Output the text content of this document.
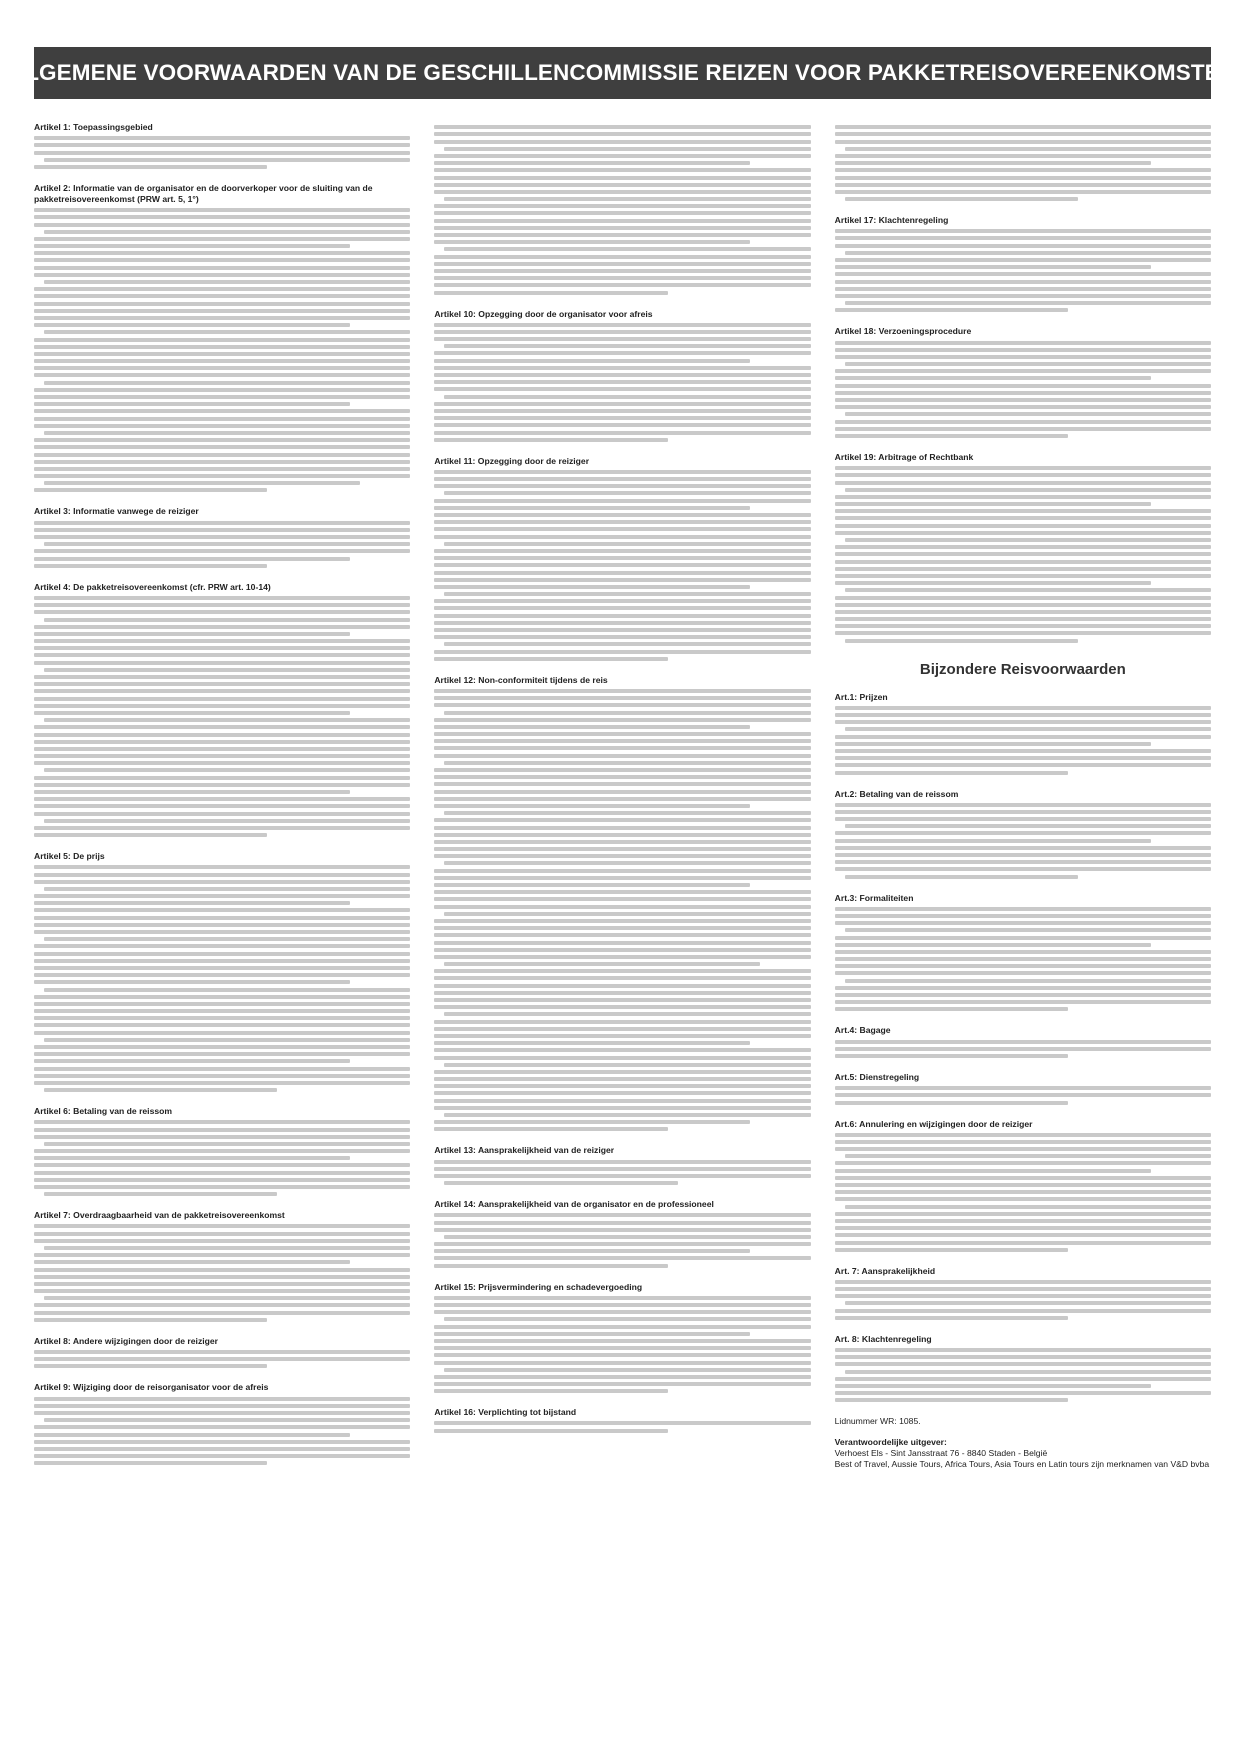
ALGEMENE VOORWAARDEN VAN DE GESCHILLENCOMMISSIE REIZEN VOOR PAKKETREISOVEREENKOMSTEN
Artikel 1: Toepassingsgebied
Artikel 2: Informatie van de organisator en de doorverkoper voor de sluiting van de pakketreisovereenkomst (PRW art. 5, 1°)
Artikel 3: Informatie vanwege de reiziger
Artikel 4: De pakketreisovereenkomst (cfr. PRW art. 10-14)
Artikel 5: De prijs
Artikel 6: Betaling van de reissom
Artikel 7: Overdraagbaarheid van de pakketreisovereenkomst
Artikel 8: Andere wijzigingen door de reiziger
Artikel 9: Wijziging door de reisorganisator voor de afreis
Artikel 10: Opzegging door de organisator voor afreis
Artikel 11: Opzegging door de reiziger
Artikel 12: Non-conformiteit tijdens de reis
Artikel 13: Aansprakelijkheid van de reiziger
Artikel 14: Aansprakelijkheid van de organisator en de professioneel
Artikel 15: Prijsvermindering en schadevergoeding
Artikel 16: Verplichting tot bijstand
Artikel 17: Klachtenregeling
Artikel 18: Verzoeningsprocedure
Artikel 19: Arbitrage of Rechtbank
Bijzondere Reisvoorwaarden
Art.1: Prijzen
Art.2: Betaling van de reissom
Art.3: Formaliteiten
Art.4: Bagage
Art.5: Dienstregeling
Art.6: Annulering en wijzigingen door de reiziger
Art. 7: Aansprakelijkheid
Art. 8: Klachtenregeling
Lidnummer WR: 1085.
Verantwoordelijke uitgever:
Verhoest Els - Sint Jansstraat 76 - 8840 Staden - België
Best of Travel, Aussie Tours, Africa Tours, Asia Tours en Latin tours zijn merknamen van V&D bvba
